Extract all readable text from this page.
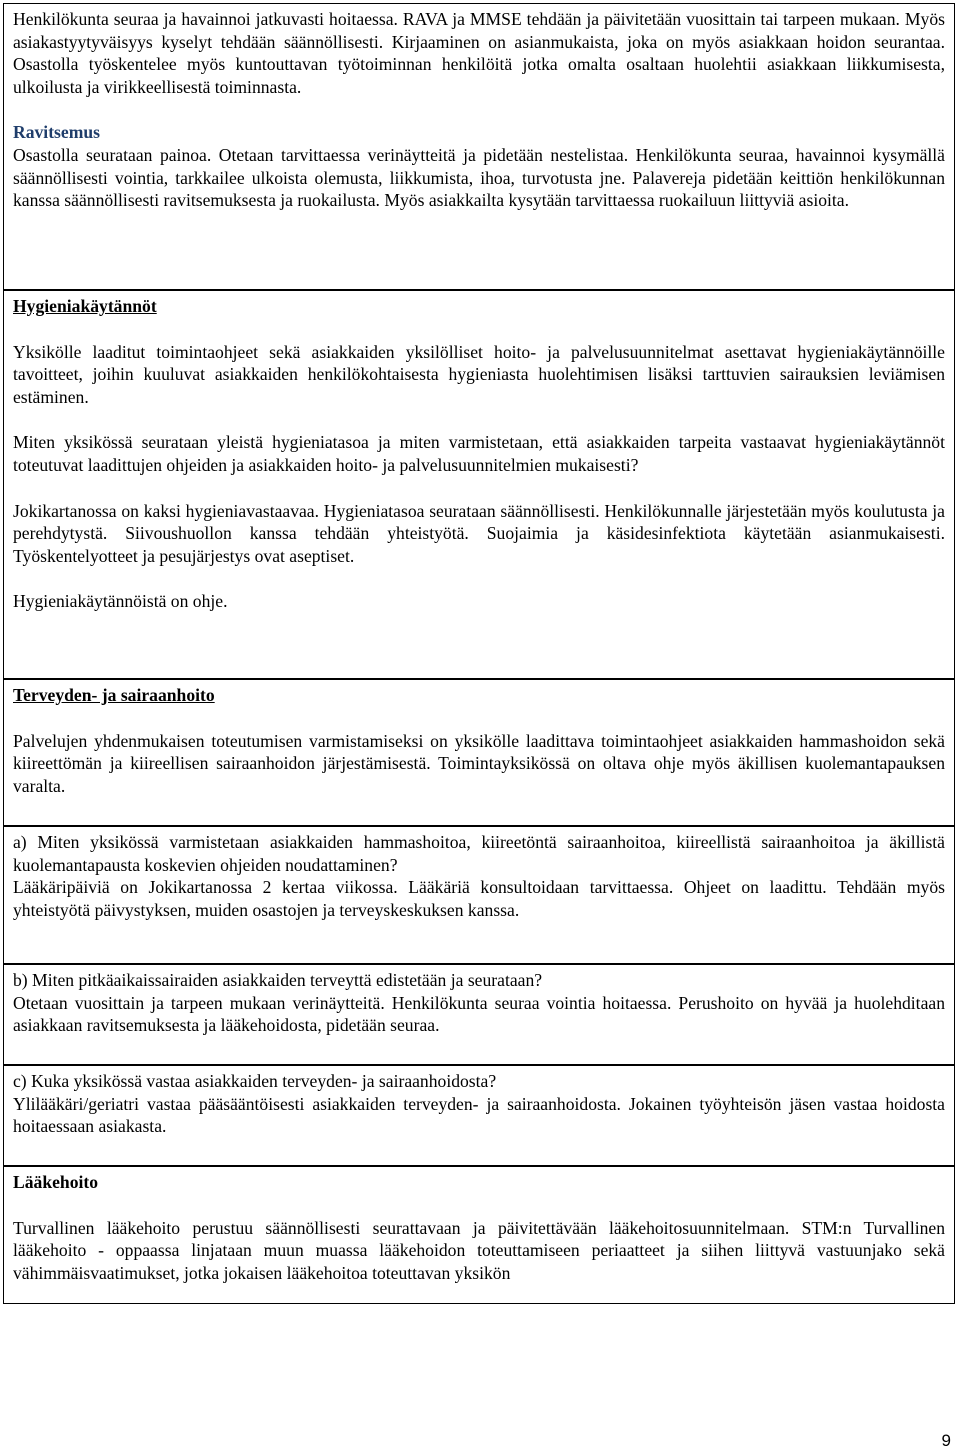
Henkilökunta seuraa ja havainnoi jatkuvasti hoitaessa. RAVA ja MMSE tehdään ja päivitetään vuosittain tai tarpeen mukaan. Myös asiakastyytyväisyys kyselyt tehdään säännöllisesti. Kirjaaminen on asianmukaista, joka on myös asiakkaan hoidon seurantaa. Osastolla työskentelee myös kuntouttavan työtoiminnan henkilöitä jotka omalta osaltaan huolehtii asiakkaan liikkumisesta, ulkoilusta ja virikkeellisestä toiminnasta.

Ravitsemus

Osastolla seurataan painoa. Otetaan tarvittaessa verinäytteitä ja pidetään nestelistaa. Henkilökunta seuraa, havainnoi kysymällä säännöllisesti vointia, tarkkailee ulkoista olemusta, liikkumista, ihoa, turvotusta jne. Palavereja pidetään keittiön henkilökunnan kanssa säännöllisesti ravitsemuksesta ja ruokailusta. Myös asiakkailta kysytään tarvittaessa ruokailuun liittyviä asioita.

Hygieniakäytännöt

Yksikölle laaditut toimintaohjeet sekä asiakkaiden yksilölliset hoito- ja palvelusuunnitelmat asettavat hygieniakäytännöille tavoitteet, joihin kuuluvat asiakkaiden henkilökohtaisesta hygieniasta huolehtimisen lisäksi tarttuvien sairauksien leviämisen estäminen.

Miten yksikössä seurataan yleistä hygieniatasoa ja miten varmistetaan, että asiakkaiden tarpeita vastaavat hygieniakäytännöt toteutuvat laadittujen ohjeiden ja asiakkaiden hoito- ja palvelusuunnitelmien mukaisesti?

Jokikartanossa on kaksi hygieniavastaavaa. Hygieniatasoa seurataan säännöllisesti. Henkilökunnalle järjestetään myös koulutusta ja perehdytystä. Siivoushuollon kanssa tehdään yhteistyötä. Suojaimia ja käsidesinfektiota käytetään asianmukaisesti. Työskentelyotteet ja pesujärjestys ovat aseptiset.

Hygieniakäytännöistä on ohje.

Terveyden- ja sairaanhoito

Palvelujen yhdenmukaisen toteutumisen varmistamiseksi on yksikölle laadittava toimintaohjeet asiakkaiden hammashoidon sekä kiireettömän ja kiireellisen sairaanhoidon järjestämisestä. Toimintayksikössä on oltava ohje myös äkillisen kuolemantapauksen varalta.

a) Miten yksikössä varmistetaan asiakkaiden hammashoitoa, kiireetöntä sairaanhoitoa, kiireellistä sairaanhoitoa ja äkillistä kuolemantapausta koskevien ohjeiden noudattaminen?

Lääkäripäiviä on Jokikartanossa 2 kertaa viikossa. Lääkäriä konsultoidaan tarvittaessa. Ohjeet on laadittu. Tehdään myös yhteistyötä päivystyksen, muiden osastojen ja terveyskeskuksen kanssa.

b) Miten pitkäaikaissairaiden asiakkaiden terveyttä edistetään ja seurataan?

Otetaan vuosittain ja tarpeen mukaan verinäytteitä. Henkilökunta seuraa vointia hoitaessa. Perushoito on hyvää ja huolehditaan asiakkaan ravitsemuksesta ja lääkehoidosta, pidetään seuraa.

c) Kuka yksikössä vastaa asiakkaiden terveyden- ja sairaanhoidosta?

Ylilääkäri/geriatri vastaa pääsääntöisesti asiakkaiden terveyden- ja sairaanhoidosta. Jokainen työyhteisön jäsen vastaa hoidosta hoitaessaan asiakasta.

Lääkehoito

Turvallinen lääkehoito perustuu säännöllisesti seurattavaan ja päivitettävään lääkehoitosuunnitelmaan. STM:n Turvallinen lääkehoito - oppaassa linjataan muun muassa lääkehoidon toteuttamiseen periaatteet ja siihen liittyvä vastuunjako sekä vähimmäisvaatimukset, jotka jokaisen lääkehoitoa toteuttavan yksikön

9
